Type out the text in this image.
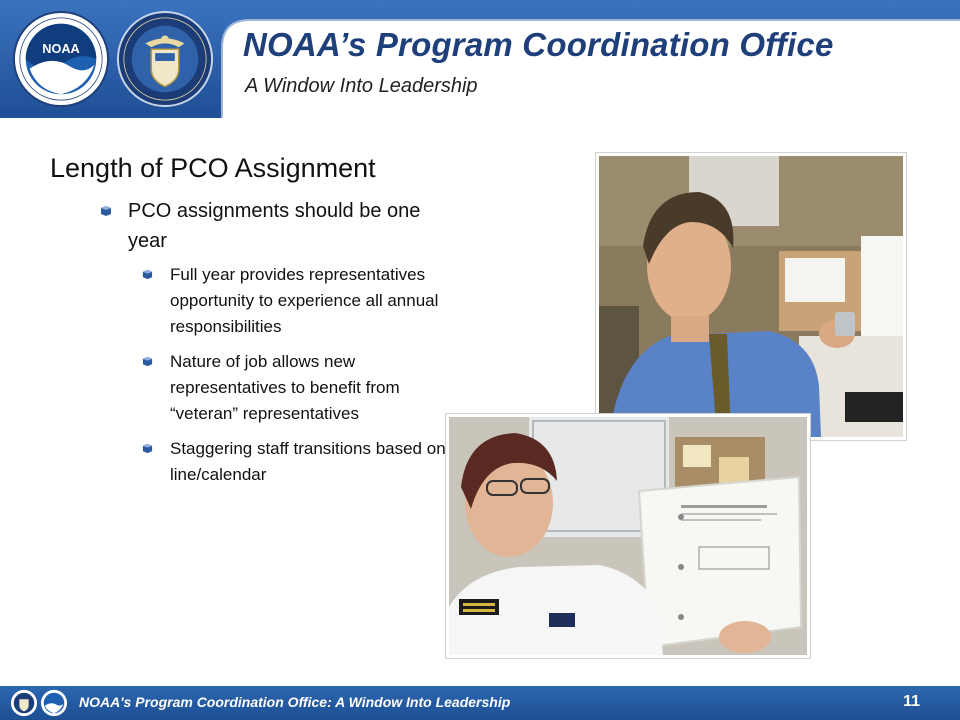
NOAA	NOAA’s Program Coordination Office
A Window Into Leadership
Length of PCO Assignment
PCO assignments should be one year
Full year provides representatives opportunity to experience all annual responsibilities
Nature of job allows new representatives to benefit from “veteran” representatives
Staggering staff transitions based on line/calendar
NOAA's Program Coordination Office: A Window Into Leadership	11
